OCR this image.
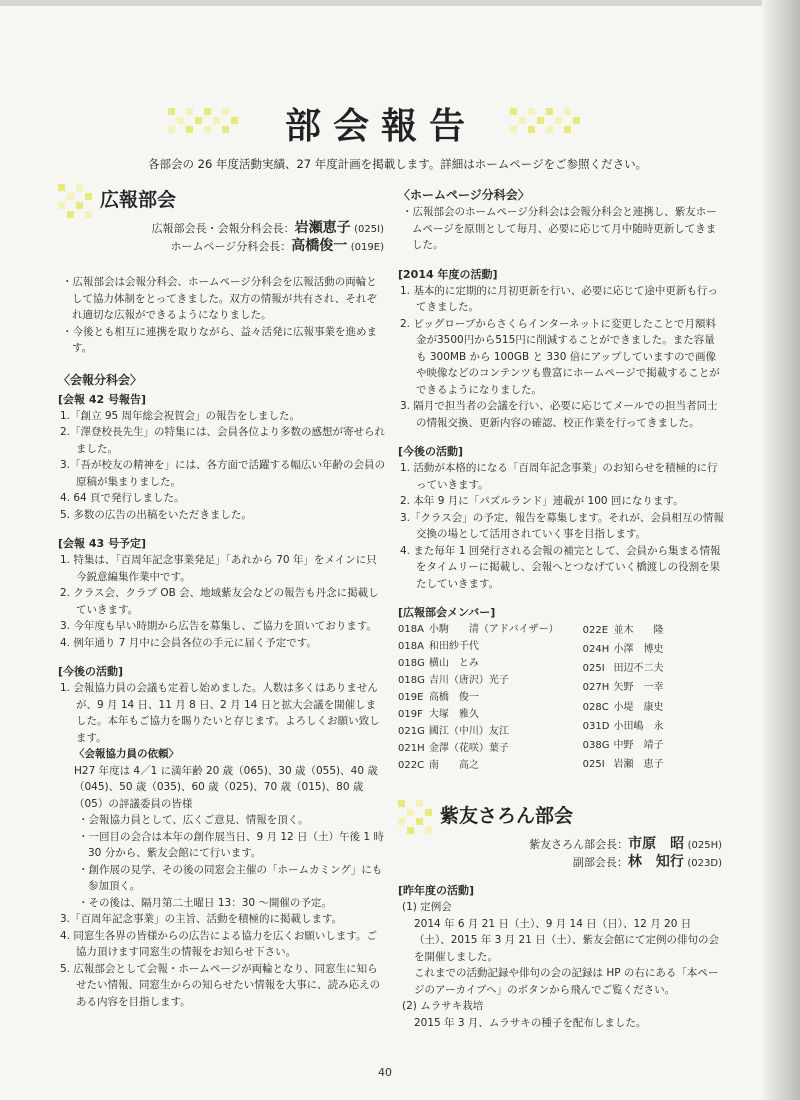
部会報告
各部会の 26 年度活動実績、27 年度計画を掲載します。詳細はホームページをご参照ください。
広報部会
広報部会長・会報分科会長：岩瀬恵子 (025I)
ホームページ分科会長：高橋俊一 (019E)

・広報部会は会報分科会、ホームページ分科会を広報活動の両輪として協力体制をとってきました。双方の情報が共有され、それぞれ適切な広報ができるようになりました。

・今後とも相互に連携を取りながら、益々活発に広報事業を進めます。

〈会報分科会〉

[会報 42 号報告]

1.「創立 95 周年総会祝賀会」の報告をしました。

2.「澤登校長先生」の特集には、会員各位より多数の感想が寄せられました。

3.「吾が校友の精神を」には、各方面で活躍する幅広い年齢の会員の原稿が集まりました。

4. 64 頁で発行しました。

5. 多数の広告の出稿をいただきました。

[会報 43 号予定]

1. 特集は、「百周年記念事業発足」「あれから 70 年」をメインに只今鋭意編集作業中です。

2. クラス会、クラブ OB 会、地域紫友会などの報告も丹念に掲載していきます。

3. 今年度も早い時期から広告を募集し、ご協力を頂いております。

4. 例年通り 7 月中に会員各位の手元に届く予定です。

[今後の活動]

1. 会報協力員の会議も定着し始めました。人数は多くはありませんが、9 月 14 日、11 月 8 日、2 月 14 日と拡大会議を開催しました。本年もご協力を賜りたいと存じます。よろしくお願い致します。

〈会報協力員の依頼〉

H27 年度は 4／1 に満年齢 20 歳（065)、30 歳（055)、40 歳（045)、50 歳（035)、60 歳（025)、70 歳（015)、80 歳（05）の評議委員の皆様

・会報協力員として、広くご意見、情報を頂く。

・一回目の会合は本年の創作展当日、9 月 12 日（土）午後 1 時 30 分から、紫友会館にて行います。

・創作展の見学、その後の同窓会主催の「ホームカミング」にも参加頂く。

・その後は、隔月第二土曜日 13：30 ～開催の予定。

3.「百周年記念事業」の主旨、活動を積極的に掲載します。

4. 同窓生各界の皆様からの広告による協力を広くお願いします。ご協力頂けます同窓生の情報をお知らせ下さい。

5. 広報部会として会報・ホームページが両輪となり、同窓生に知らせたい情報、同窓生からの知らせたい情報を大事に、読み応えのある内容を目指します。

〈ホームページ分科会〉

・広報部会のホームページ分科会は会報分科会と連携し、紫友ホームページを原則として毎月、必要に応じて月中随時更新してきました。

[2014 年度の活動]

1. 基本的に定期的に月初更新を行い、必要に応じて途中更新も行ってきました。

2. ビッグローブからさくらインターネットに変更したことで月額料金が3500円から515円に削減することができました。また容量も 300MB から 100GB と 330 倍にアップしていますので画像や映像などのコンテンツも豊富にホームページで掲載することができるようになりました。

3. 隔月で担当者の会議を行い、必要に応じてメールでの担当者同士の情報交換、更新内容の確認、校正作業を行ってきました。

[今後の活動]

1. 活動が本格的になる「百周年記念事業」のお知らせを積極的に行っていきます。

2. 本年 9 月に「パズルランド」連載が 100 回になります。

3.「クラス会」の予定、報告を募集します。それが、会員相互の情報交換の場として活用されていく事を目指します。

4. また毎年 1 回発行される会報の補完として、会員から集まる情報をタイムリーに掲載し、会報へとつなげていく橋渡しの役割を果たしていきます。

[広報部会メンバー]

018A	小駒　　清（アドバイザー）
018A	和田紗千代
018G	横山　とみ
018G	吉川（唐沢）光子
019E	高橋　俊一
019F	大塚　雅久
021G	國江（中川）友江
021H	金澤（花咲）葉子
022C	南　　高之
022E	並木　　隆
024H	小澤　博史
025I	田辺不二夫
027H	矢野　一幸
028C	小堤　康史
031D	小田嶋　永
038G	中野　靖子
025I	岩瀬　恵子
紫友さろん部会
紫友さろん部会長：市原　昭 (025H)
副部会長：林　知行 (023D)

[昨年度の活動]

(1) 定例会

2014 年 6 月 21 日（土）、9 月 14 日（日）、12 月 20 日（土）、2015 年 3 月 21 日（土）、紫友会館にて定例の俳句の会を開催しました。

これまでの活動記録や俳句の会の記録は HP の右にある「本ページのアーカイブへ」のボタンから飛んでご覧ください。

(2) ムラサキ栽培

2015 年 3 月、ムラサキの種子を配布しました。

40
